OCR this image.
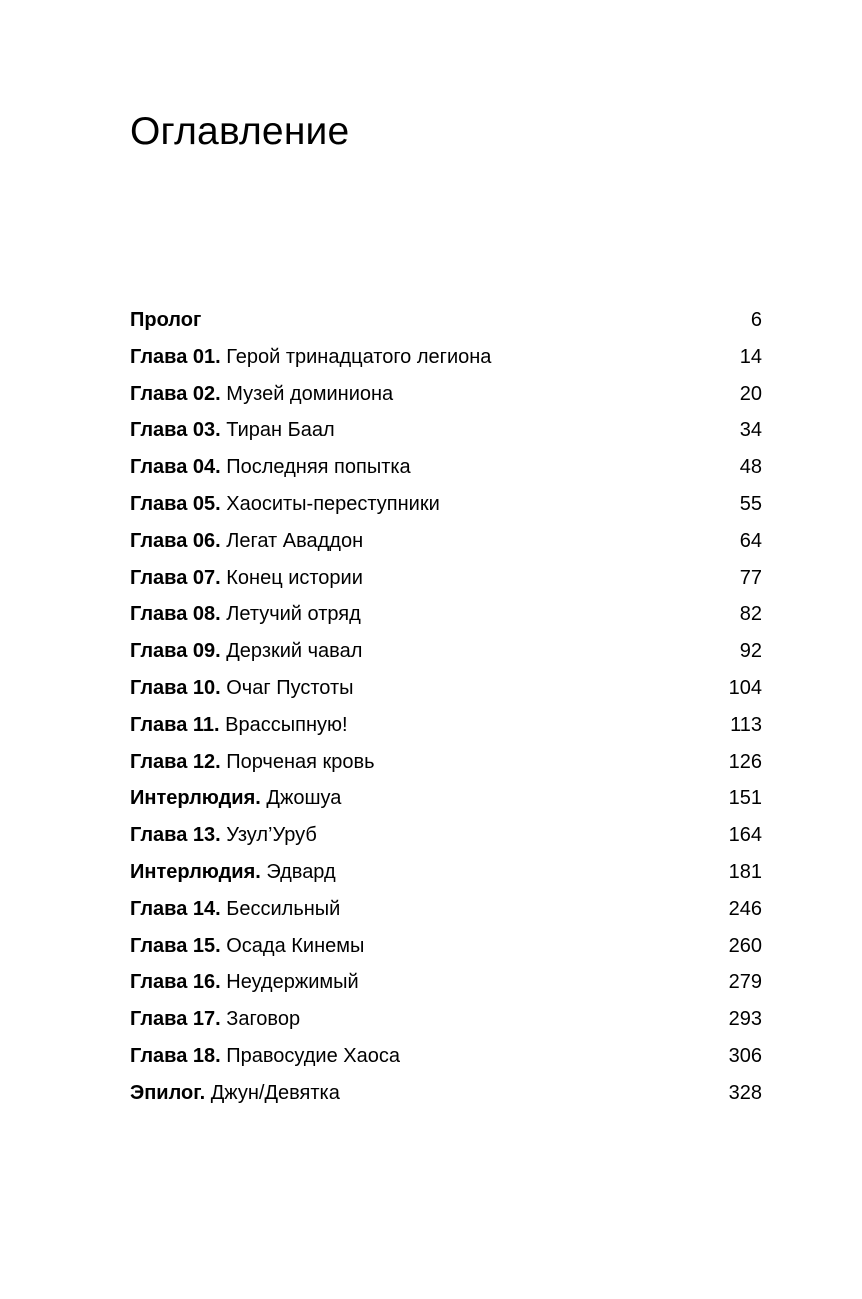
Оглавление
Пролог	6
Глава 01. Герой тринадцатого легиона	14
Глава 02. Музей доминиона	20
Глава 03. Тиран Баал	34
Глава 04. Последняя попытка	48
Глава 05. Хаоситы-переступники	55
Глава 06. Легат Аваддон	64
Глава 07. Конец истории	77
Глава 08. Летучий отряд	82
Глава 09. Дерзкий чавал	92
Глава 10. Очаг Пустоты	104
Глава 11. Врассыпную!	113
Глава 12. Порченая кровь	126
Интерлюдия. Джошуа	151
Глава 13. Узул’Уруб	164
Интерлюдия. Эдвард	181
Глава 14. Бессильный	246
Глава 15. Осада Кинемы	260
Глава 16. Неудержимый	279
Глава 17. Заговор	293
Глава 18. Правосудие Хаоса	306
Эпилог. Джун/Девятка	328
